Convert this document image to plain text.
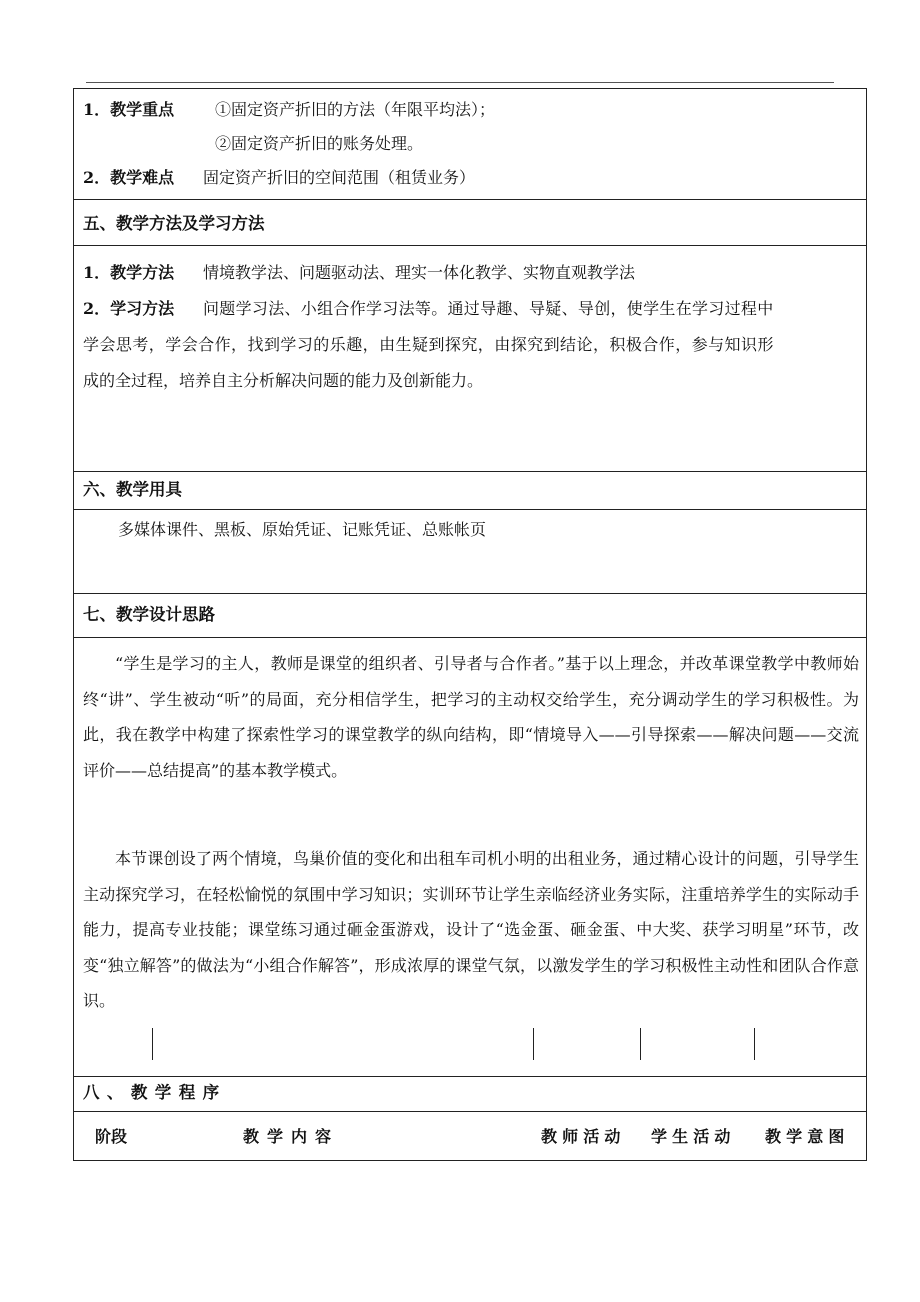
1．教学重点	①固定资产折旧的方法（年限平均法）；
②固定资产折旧的账务处理。
2．教学难点 固定资产折旧的空间范围（租赁业务）
五、教学方法及学习方法
1．教学方法 情境教学法、问题驱动法、理实一体化教学、实物直观教学法
2．学习方法 问题学习法、小组合作学习法等。通过导趣、导疑、导创，使学生在学习过程中
学会思考，学会合作，找到学习的乐趣，由生疑到探究，由探究到结论，积极合作，参与知识形
成的全过程，培养自主分析解决问题的能力及创新能力。
六、教学用具
多媒体课件、黑板、原始凭证、记账凭证、总账帐页
七、教学设计思路
“学生是学习的主人，教师是课堂的组织者、引导者与合作者。”基于以上理念，并改革课堂教学中教师始终“讲”、学生被动“听”的局面，充分相信学生，把学习的主动权交给学生，充分调动学生的学习积极性。为此，我在教学中构建了探索性学习的课堂教学的纵向结构，即“情境导入——引导探索——解决问题——交流评价——总结提高”的基本教学模式。
本节课创设了两个情境，鸟巢价值的变化和出租车司机小明的出租业务，通过精心设计的问题，引导学生主动探究学习，在轻松愉悦的氛围中学习知识；实训环节让学生亲临经济业务实际，注重培养学生的实际动手能力，提高专业技能；课堂练习通过砸金蛋游戏，设计了“选金蛋、砸金蛋、中大奖、获学习明星”环节，改变“独立解答”的做法为“小组合作解答”，形成浓厚的课堂气氛，以激发学生的学习积极性主动性和团队合作意识。
八、教学程序
阶段	教学内容	教师活动 学生活动 教学意图
